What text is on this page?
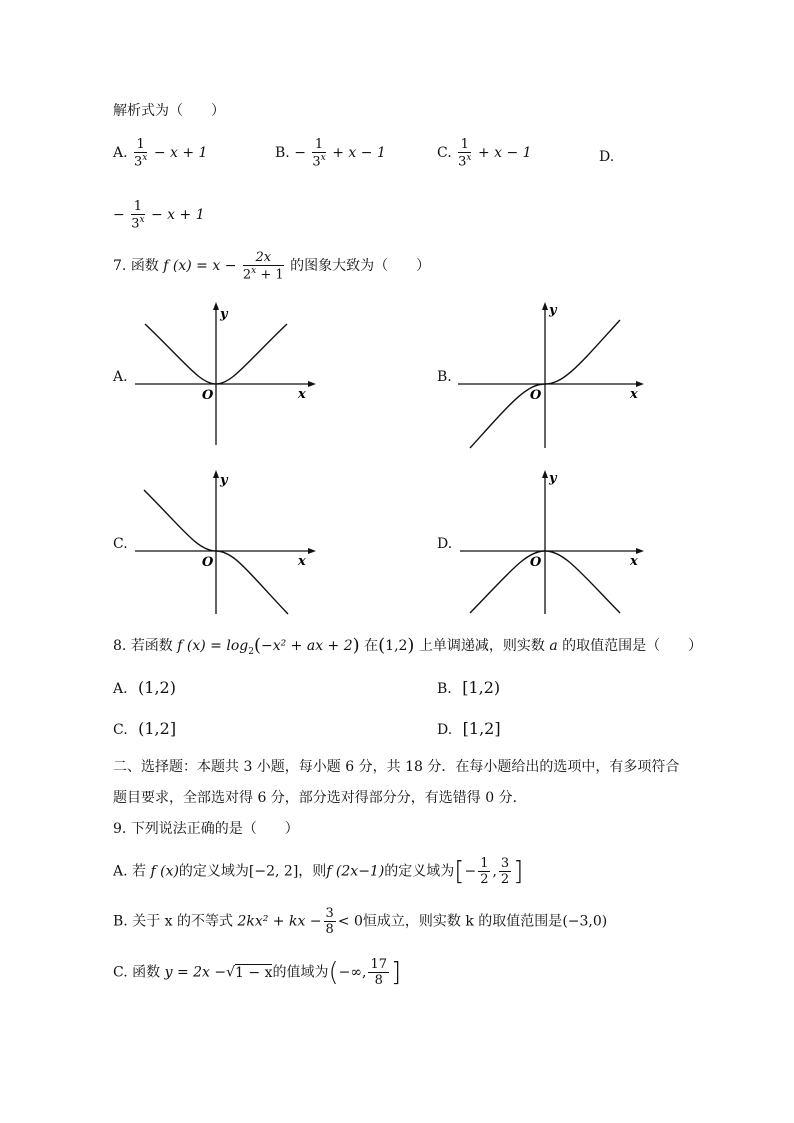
解析式为（　　）
A. $\frac{1}{3^x} - x + 1$	B. − $\frac{1}{3^x} + x - 1$	C. $\frac{1}{3^x} + x - 1$	D.
− $\frac{1}{3^x} - x + 1$
7. 函数 f $(x) = x - \frac{2x}{2^x + 1}$ 的图象大致为（　　）
A.
y
x
O
B.
y
x
O
C.
y
x
O
D.
y
x
O
8. 若函数 f $(x) = \log_2(-x^2$ + ax + 2) 在(1,2) 上单调递减，则实数 a 的取值范围是（　　）
A. (1,2)	B. [1,2)
C. (1,2]	D. [1,2]
二、选择题：本题共 3 小题，每小题 6 分，共 18 分．在每小题给出的选项中，有多项符合
题目要求，全部选对得 6 分，部分选对得部分分，有选错得 0 分．
9. 下列说法正确的是（　　）
A. 若 f (x)的定义域为[−2, 2]，则f (2x−1)的定义域为[− $\frac{1}{2}$ , $\frac{3}{2}$ ]
B. 关于 x 的不等式 2kx² + kx − $\frac{3}{8} < 0$恒成立，则实数 k 的取值范围是(−3,0)
C. 函数 y = 2x −√1 − x的值域为(−∞, $\frac{17}{8}$ ]
